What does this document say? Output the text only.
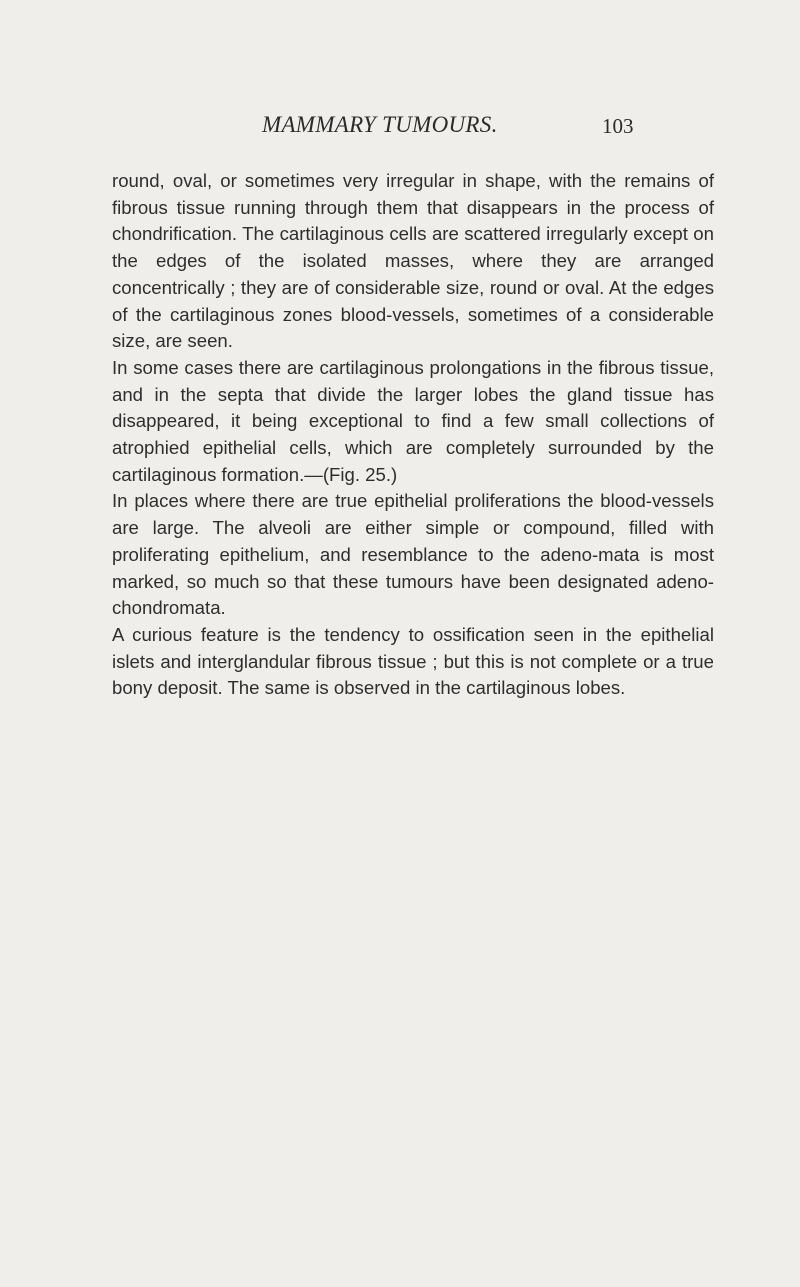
MAMMARY TUMOURS.	103

round, oval, or sometimes very irregular in shape, with the remains of fibrous tissue running through them that disappears in the process of chondrification. The cartilaginous cells are scattered irregularly except on the edges of the isolated masses, where they are arranged concentrically ; they are of considerable size, round or oval. At the edges of the cartilaginous zones blood-vessels, sometimes of a considerable size, are seen.

In some cases there are cartilaginous prolongations in the fibrous tissue, and in the septa that divide the larger lobes the gland tissue has disappeared, it being exceptional to find a few small collections of atrophied epithelial cells, which are completely surrounded by the cartilaginous formation.—(Fig. 25.)

In places where there are true epithelial proliferations the blood-vessels are large. The alveoli are either simple or compound, filled with proliferating epithelium, and resemblance to the adeno-mata is most marked, so much so that these tumours have been designated adeno-chondromata.

A curious feature is the tendency to ossification seen in the epithelial islets and interglandular fibrous tissue ; but this is not complete or a true bony deposit. The same is observed in the cartilaginous lobes.
